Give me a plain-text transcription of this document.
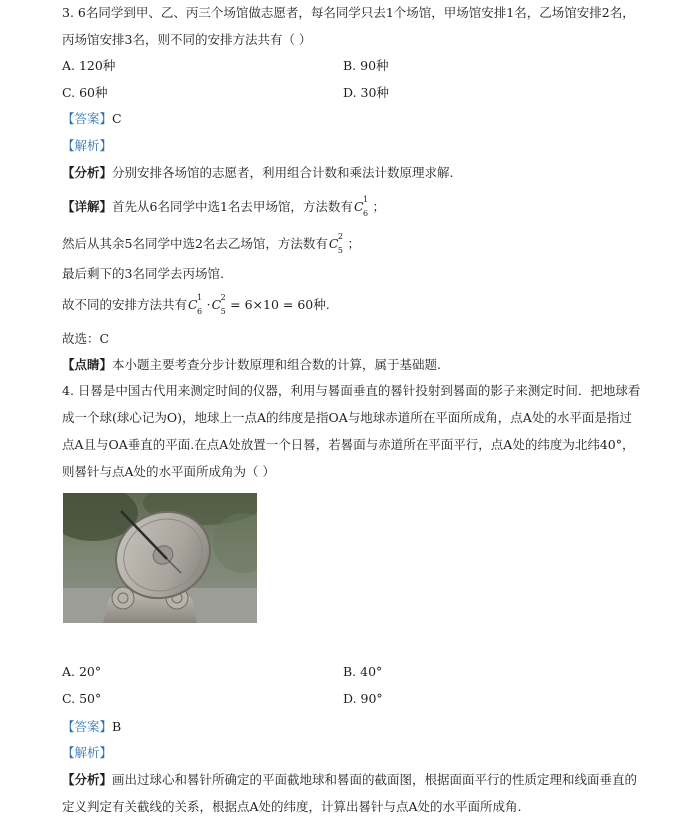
3. 6名同学到甲、乙、丙三个场馆做志愿者，每名同学只去1个场馆，甲场馆安排1名，乙场馆安排2名，
丙场馆安排3名，则不同的安排方法共有（ ）
A. 120种	B. 90种
C. 60种	D. 30种
【答案】C
【解析】
【分析】分别安排各场馆的志愿者，利用组合计数和乘法计数原理求解.
【详解】首先从6名同学中选1名去甲场馆，方法数有C 1
6 ；
然后从其余5名同学中选2名去乙场馆，方法数有C 2
5 ；
最后剩下的3名同学去丙场馆.
故不同的安排方法共有C 1
6 ·C 2
5 = 6×10 = 60种.
故选：C
【点睛】本小题主要考查分步计数原理和组合数的计算，属于基础题.
4. 日晷是中国古代用来测定时间的仪器，利用与晷面垂直的晷针投射到晷面的影子来测定时间．把地球看
成一个球(球心记为O)，地球上一点A的纬度是指OA与地球赤道所在平面所成角，点A处的水平面是指过
点A且与OA垂直的平面.在点A处放置一个日晷，若晷面与赤道所在平面平行，点A处的纬度为北纬40°，
则晷针与点A处的水平面所成角为（ ）
A. 20°	B. 40°
C. 50°	D. 90°
【答案】B
【解析】
【分析】画出过球心和晷针所确定的平面截地球和晷面的截面图，根据面面平行的性质定理和线面垂直的
定义判定有关截线的关系，根据点A处的纬度，计算出晷针与点A处的水平面所成角.
